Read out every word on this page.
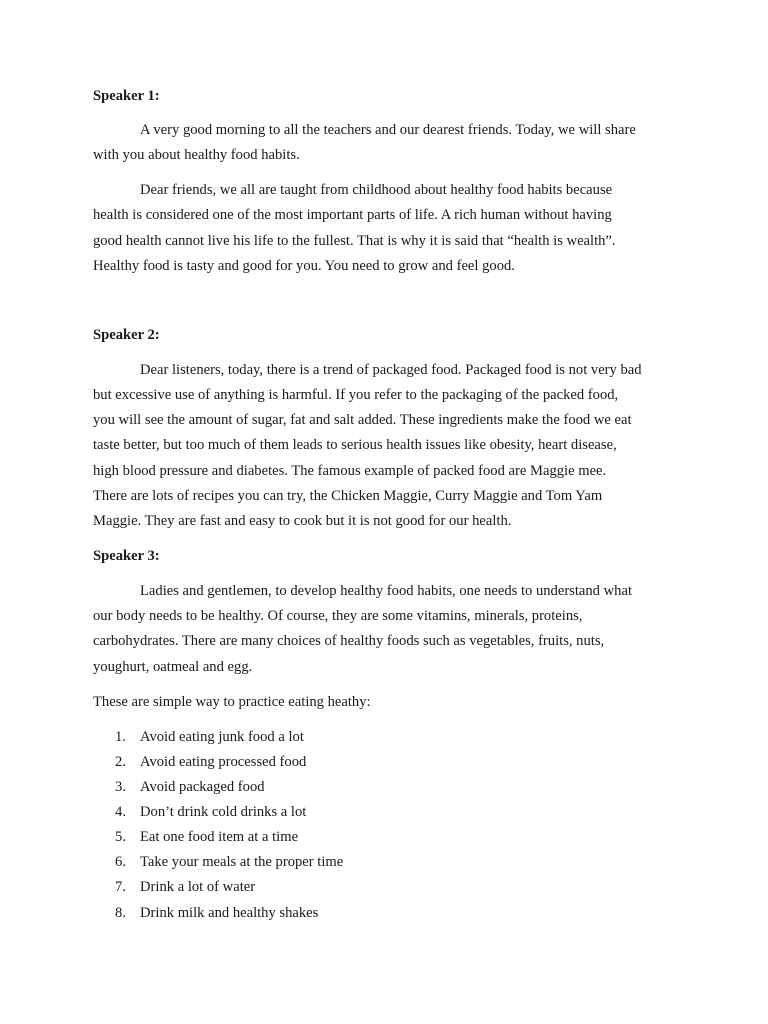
Speaker 1:
A very good morning to all the teachers and our dearest friends. Today, we will share
with you about healthy food habits.
Dear friends, we all are taught from childhood about healthy food habits because
health is considered one of the most important parts of life. A rich human without having
good health cannot live his life to the fullest. That is why it is said that “health is wealth”.
Healthy food is tasty and good for you. You need to grow and feel good.
Speaker 2:
Dear listeners, today, there is a trend of packaged food. Packaged food is not very bad
but excessive use of anything is harmful. If you refer to the packaging of the packed food,
you will see the amount of sugar, fat and salt added. These ingredients make the food we eat
taste better, but too much of them leads to serious health issues like obesity, heart disease,
high blood pressure and diabetes. The famous example of packed food are Maggie mee.
There are lots of recipes you can try, the Chicken Maggie, Curry Maggie and Tom Yam
Maggie. They are fast and easy to cook but it is not good for our health.
Speaker 3:
Ladies and gentlemen, to develop healthy food habits, one needs to understand what
our body needs to be healthy. Of course, they are some vitamins, minerals, proteins,
carbohydrates. There are many choices of healthy foods such as vegetables, fruits, nuts,
youghurt, oatmeal and egg.
These are simple way to practice eating heathy:
1. Avoid eating junk food a lot
2. Avoid eating processed food
3. Avoid packaged food
4. Don’t drink cold drinks a lot
5. Eat one food item at a time
6. Take your meals at the proper time
7. Drink a lot of water
8. Drink milk and healthy shakes
